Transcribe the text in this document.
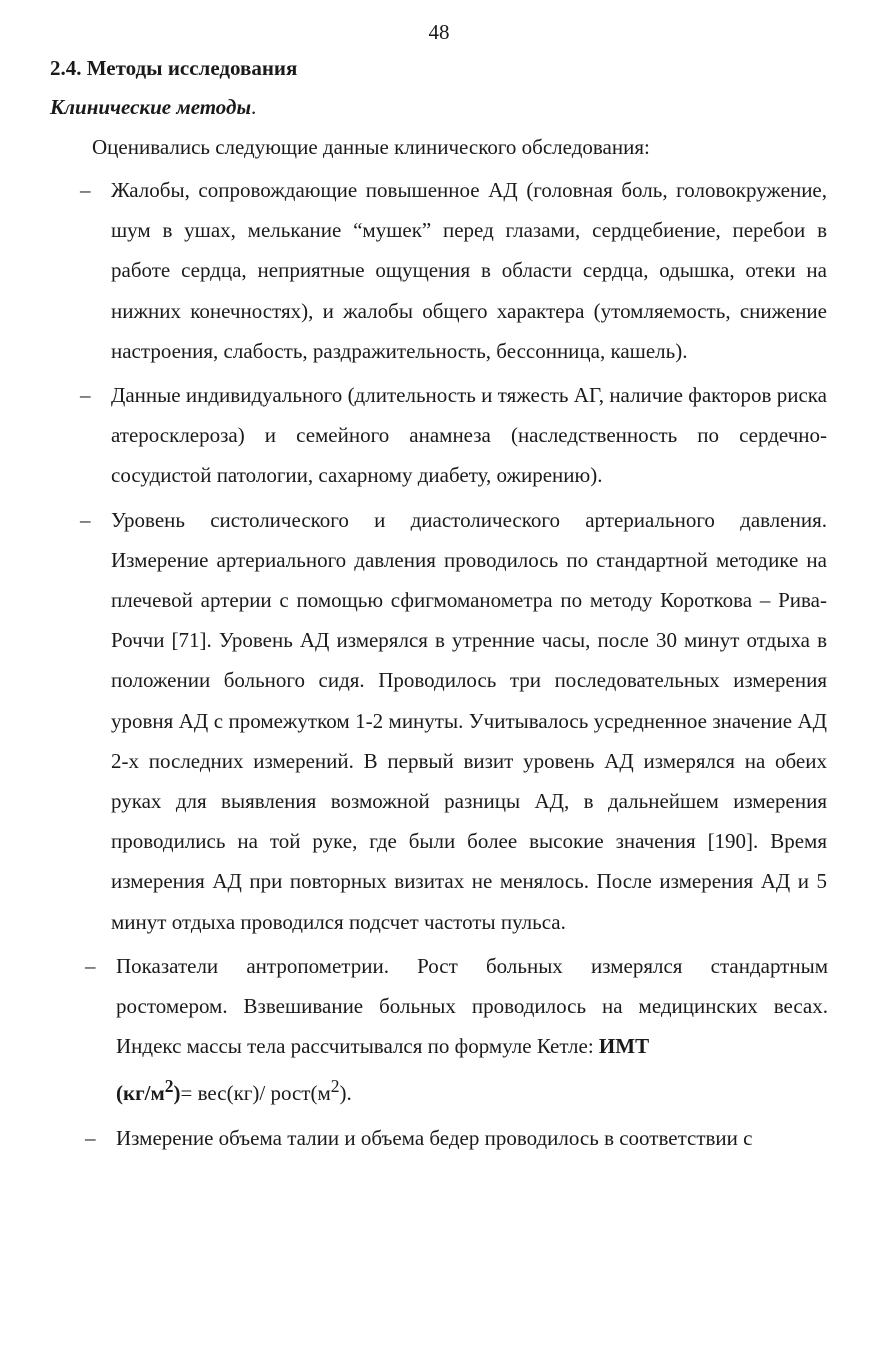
48
2.4. Методы исследования
Клинические методы.
Оценивались следующие данные клинического обследования:
– Жалобы, сопровождающие повышенное АД (головная боль, головокружение, шум в ушах, мелькание “мушек” перед глазами, сердцебиение, перебои в работе сердца, неприятные ощущения в области сердца, одышка, отеки на нижних конечностях), и жалобы общего характера (утомляемость, снижение настроения, слабость, раздражительность, бессонница, кашель).
– Данные индивидуального (длительность и тяжесть АГ, наличие факторов риска атеросклероза) и семейного анамнеза (наследственность по сердечно-сосудистой патологии, сахарному диабету, ожирению).
– Уровень систолического и диастолического артериального давления. Измерение артериального давления проводилось по стандартной методике на плечевой артерии с помощью сфигмоманометра по методу Короткова – Рива-Роччи [71]. Уровень АД измерялся в утренние часы, после 30 минут отдыха в положении больного сидя. Проводилось три последовательных измерения уровня АД с промежутком 1-2 минуты. Учитывалось усредненное значение АД 2-х последних измерений. В первый визит уровень АД измерялся на обеих руках для выявления возможной разницы АД, в дальнейшем измерения проводились на той руке, где были более высокие значения [190]. Время измерения АД при повторных визитах не менялось. После измерения АД и 5 минут отдыха проводился подсчет частоты пульса.
– Показатели антропометрии. Рост больных измерялся стандартным ростомером. Взвешивание больных проводилось на медицинских весах. Индекс массы тела рассчитывался по формуле Кетле: ИМТ
$(кг/м^2)= вес(кг)/$ $рост(м^2)$.
– Измерение объема талии и объема бедер проводилось в соответствии с
